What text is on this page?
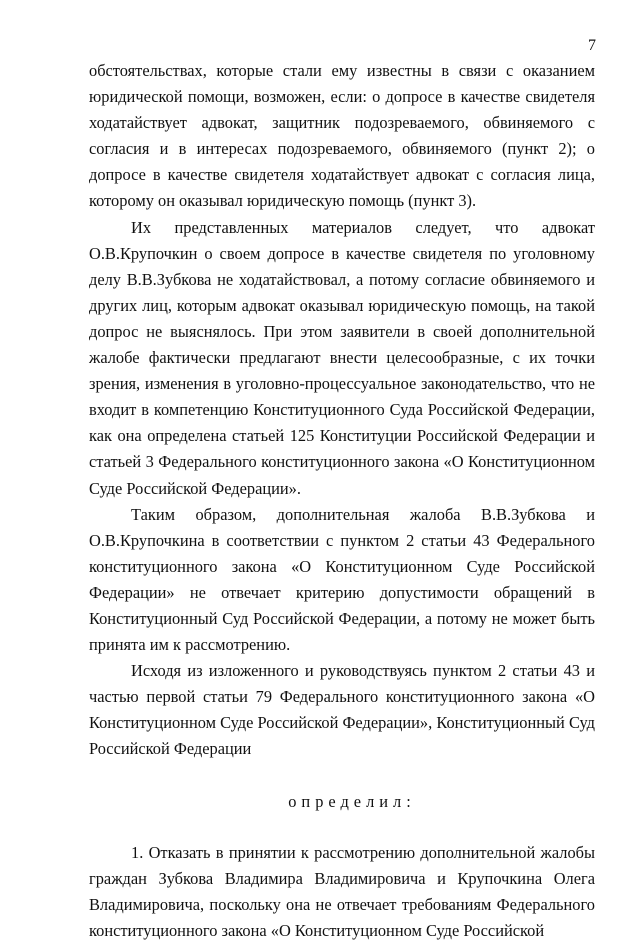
7

обстоятельствах, которые стали ему известны в связи с оказанием юридической помощи, возможен, если: о допросе в качестве свидетеля ходатайствует адвокат, защитник подозреваемого, обвиняемого с согласия и в интересах подозреваемого, обвиняемого (пункт 2); о допросе в качестве свидетеля ходатайствует адвокат с согласия лица, которому он оказывал юридическую помощь (пункт 3).

Их представленных материалов следует, что адвокат О.В.Крупочкин о своем допросе в качестве свидетеля по уголовному делу В.В.Зубкова не ходатайствовал, а потому согласие обвиняемого и других лиц, которым адвокат оказывал юридическую помощь, на такой допрос не выяснялось. При этом заявители в своей дополнительной жалобе фактически предлагают внести целесообразные, с их точки зрения, изменения в уголовно-процессуальное законодательство, что не входит в компетенцию Конституционного Суда Российской Федерации, как она определена статьей 125 Конституции Российской Федерации и статьей 3 Федерального конституционного закона «О Конституционном Суде Российской Федерации».

Таким образом, дополнительная жалоба В.В.Зубкова и О.В.Крупочкина в соответствии с пунктом 2 статьи 43 Федерального конституционного закона «О Конституционном Суде Российской Федерации» не отвечает критерию допустимости обращений в Конституционный Суд Российской Федерации, а потому не может быть принята им к рассмотрению.

Исходя из изложенного и руководствуясь пунктом 2 статьи 43 и частью первой статьи 79 Федерального конституционного закона «О Конституционном Суде Российской Федерации», Конституционный Суд Российской Федерации

определил:

1. Отказать в принятии к рассмотрению дополнительной жалобы граждан Зубкова Владимира Владимировича и Крупочкина Олега Владимировича, поскольку она не отвечает требованиям Федерального конституционного закона «О Конституционном Суде Российской
